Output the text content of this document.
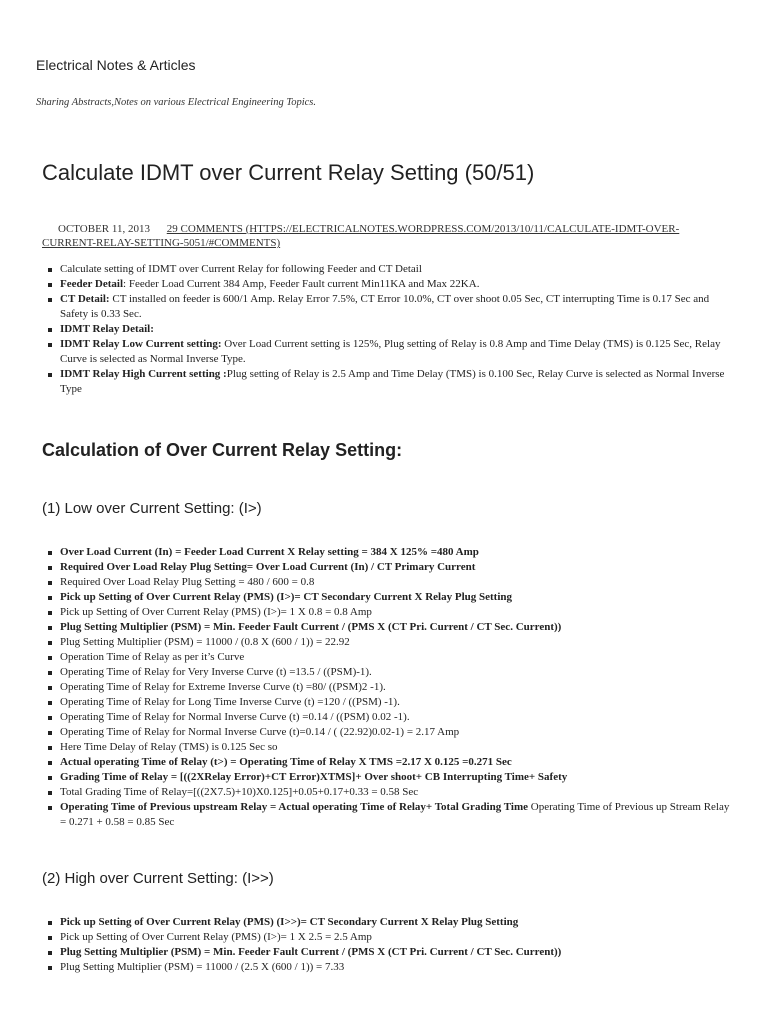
Electrical Notes & Articles
Sharing Abstracts,Notes on various Electrical Engineering Topics.
Calculate IDMT over Current Relay Setting (50/51)
OCTOBER 11, 2013 29 COMMENTS (HTTPS://ELECTRICALNOTES.WORDPRESS.COM/2013/10/11/CALCULATE-IDMT-OVER-CURRENT-RELAY-SETTING-5051/#COMMENTS)
Calculate setting of IDMT over Current Relay for following Feeder and CT Detail
Feeder Detail: Feeder Load Current 384 Amp, Feeder Fault current Min11KA and Max 22KA.
CT Detail: CT installed on feeder is 600/1 Amp. Relay Error 7.5%, CT Error 10.0%, CT over shoot 0.05 Sec, CT interrupting Time is 0.17 Sec and Safety is 0.33 Sec.
IDMT Relay Detail:
IDMT Relay Low Current setting: Over Load Current setting is 125%, Plug setting of Relay is 0.8 Amp and Time Delay (TMS) is 0.125 Sec, Relay Curve is selected as Normal Inverse Type.
IDMT Relay High Current setting :Plug setting of Relay is 2.5 Amp and Time Delay (TMS) is 0.100 Sec, Relay Curve is selected as Normal Inverse Type
Calculation of Over Current Relay Setting:
(1) Low over Current Setting: (I>)
Over Load Current (In) = Feeder Load Current X Relay setting = 384 X 125% =480 Amp
Required Over Load Relay Plug Setting= Over Load Current (In) / CT Primary Current
Required Over Load Relay Plug Setting = 480 / 600 = 0.8
Pick up Setting of Over Current Relay (PMS) (I>)= CT Secondary Current X Relay Plug Setting
Pick up Setting of Over Current Relay (PMS) (I>)= 1 X 0.8 = 0.8 Amp
Plug Setting Multiplier (PSM) = Min. Feeder Fault Current / (PMS X (CT Pri. Current / CT Sec. Current))
Plug Setting Multiplier (PSM) = 11000 / (0.8 X (600 / 1)) = 22.92
Operation Time of Relay as per it’s Curve
Operating Time of Relay for Very Inverse Curve (t) =13.5 / ((PSM)-1).
Operating Time of Relay for Extreme Inverse Curve (t) =80/ ((PSM)2 -1).
Operating Time of Relay for Long Time Inverse Curve (t) =120 / ((PSM) -1).
Operating Time of Relay for Normal Inverse Curve (t) =0.14 / ((PSM) 0.02 -1).
Operating Time of Relay for Normal Inverse Curve (t)=0.14 / ( (22.92)0.02-1) = 2.17 Amp
Here Time Delay of Relay (TMS) is 0.125 Sec so
Actual operating Time of Relay (t>) = Operating Time of Relay X TMS =2.17 X 0.125 =0.271 Sec
Grading Time of Relay = [((2XRelay Error)+CT Error)XTMS]+ Over shoot+ CB Interrupting Time+ Safety
Total Grading Time of Relay=[((2X7.5)+10)X0.125]+0.05+0.17+0.33 = 0.58 Sec
Operating Time of Previous upstream Relay = Actual operating Time of Relay+ Total Grading Time Operating Time of Previous up Stream Relay = 0.271 + 0.58 = 0.85 Sec
(2) High over Current Setting: (I>>)
Pick up Setting of Over Current Relay (PMS) (I>>)= CT Secondary Current X Relay Plug Setting
Pick up Setting of Over Current Relay (PMS) (I>)= 1 X 2.5 = 2.5 Amp
Plug Setting Multiplier (PSM) = Min. Feeder Fault Current / (PMS X (CT Pri. Current / CT Sec. Current))
Plug Setting Multiplier (PSM) = 11000 / (2.5 X (600 / 1)) = 7.33
